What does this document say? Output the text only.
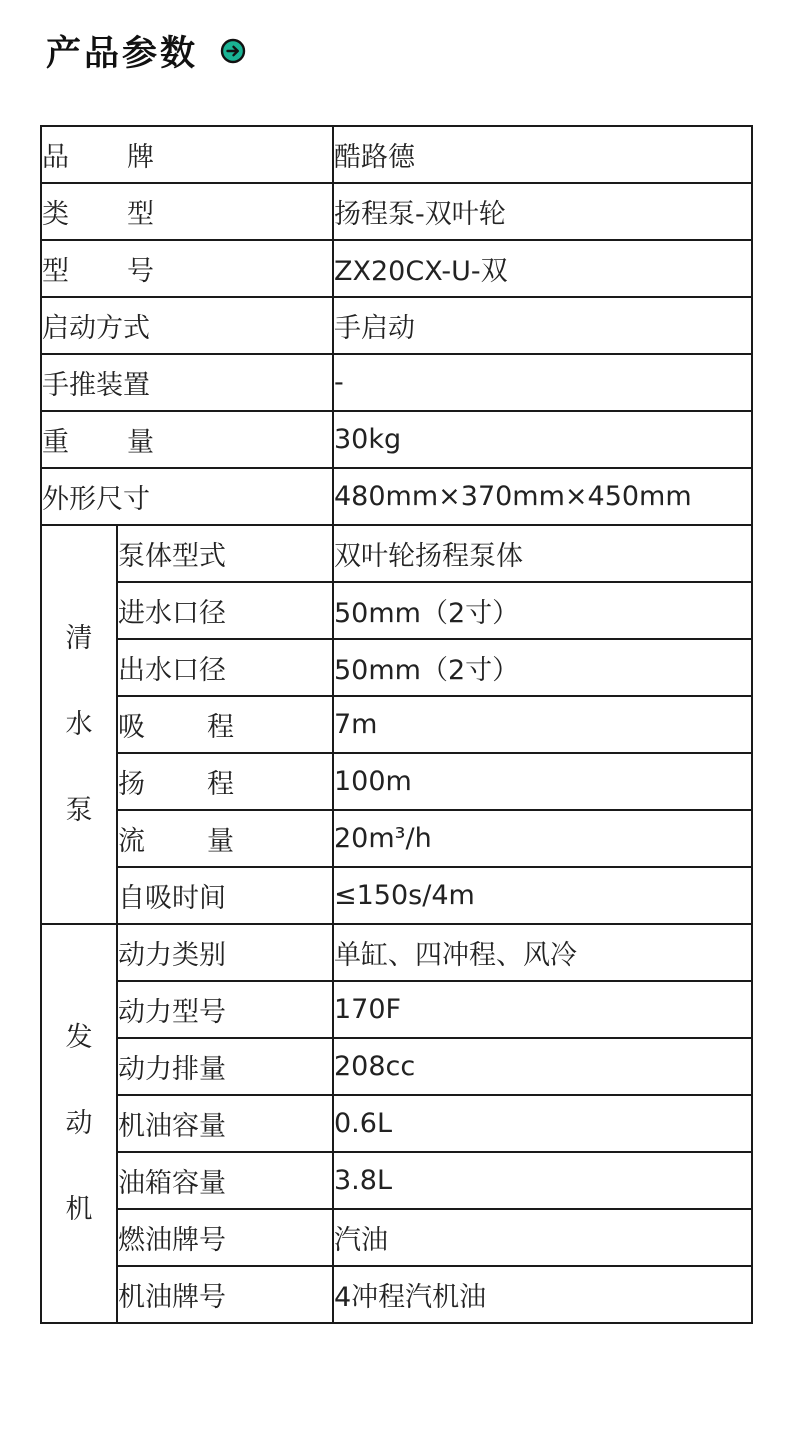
产品参数
品 牌		酷路德

类 型		扬程泵-双叶轮

型 号		ZX20CX-U-双
启动方式		手启动
手推装置		-

重 量		30kg
外形尺寸		480mm×370mm×450mm

清
水
泵	泵体型式	双叶轮扬程泵体
	进水口径	50mm（2寸）
	出水口径	50mm（2寸）

	吸 程	7m

	扬 程	100m

	流 量	20m³/h
	自吸时间	≤150s/4m

发
动
机	动力类别	单缸、四冲程、风冷
	动力型号	170F
	动力排量	208cc
	机油容量	0.6L
	油箱容量	3.8L
	燃油牌号	汽油
	机油牌号	4冲程汽机油
